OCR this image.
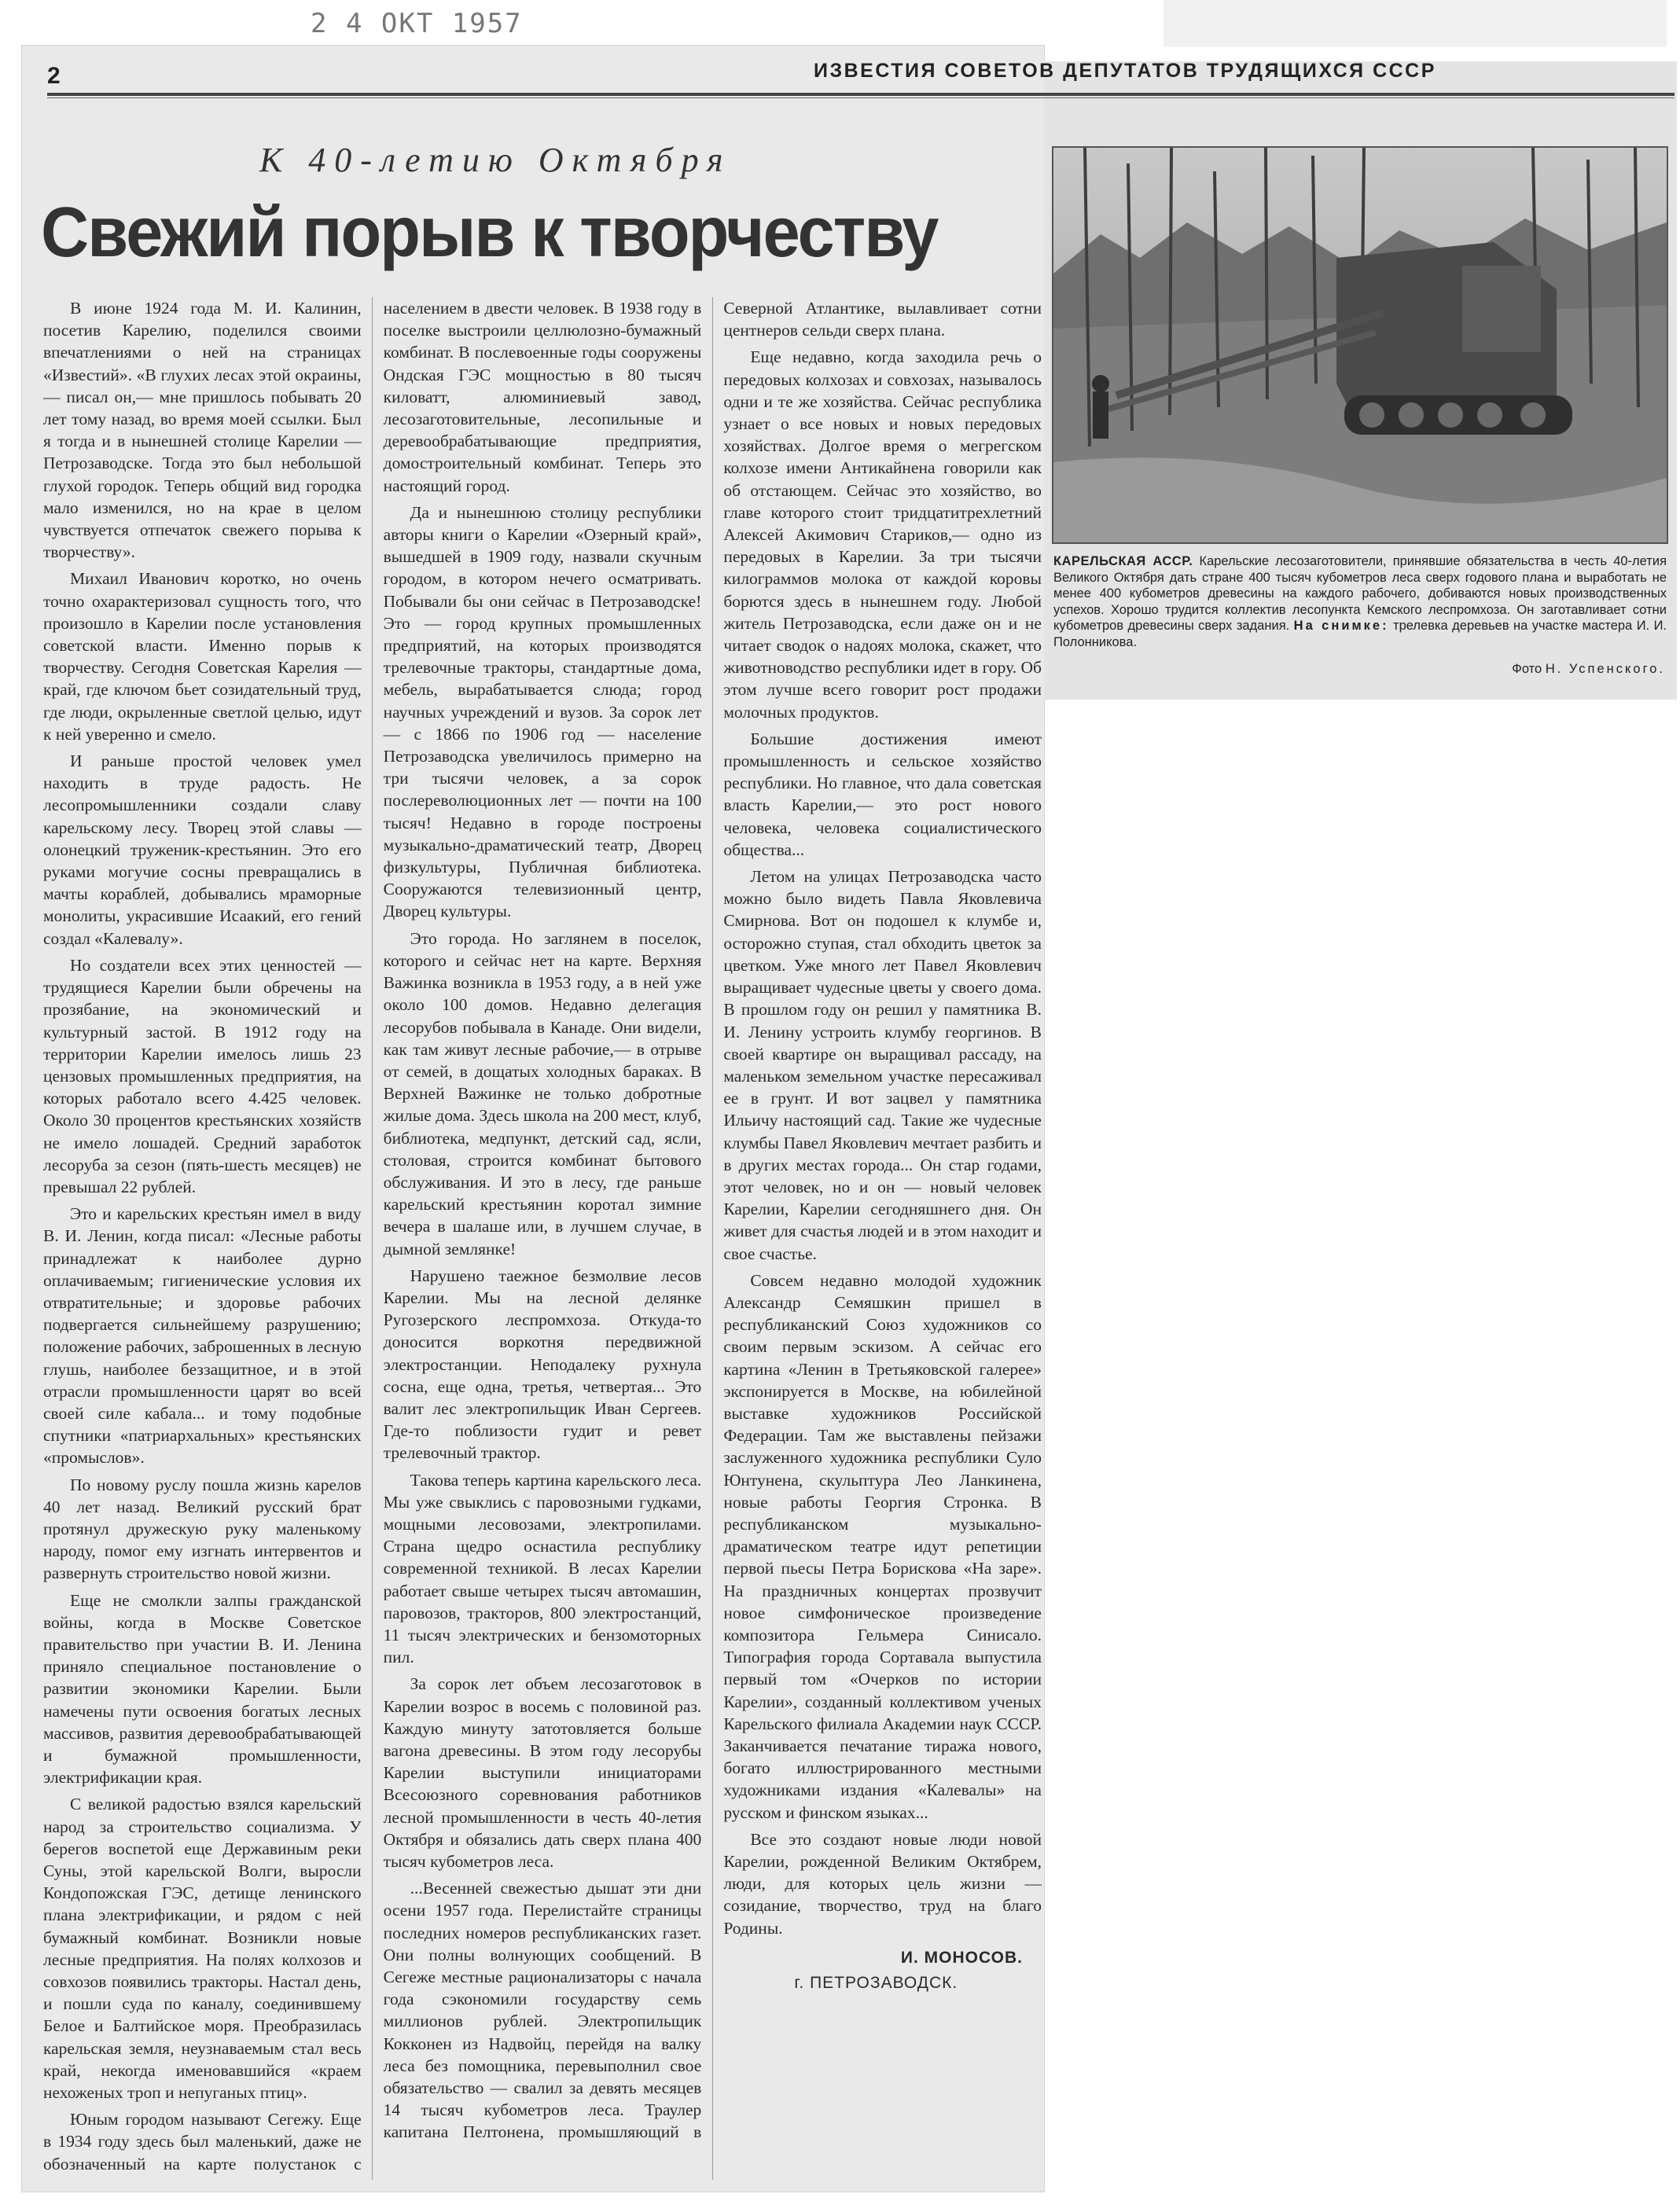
2 4 ОКТ 1957
2	ИЗВЕСТИЯ СОВЕТОВ ДЕПУТАТОВ ТРУДЯЩИХСЯ СССР
К 40-летию Октября
Свежий порыв к творчеству

В июне 1924 года М. И. Калинин, посетив Карелию, поделился своими впечатлениями о ней на страницах «Известий». «В глухих лесах этой окраины,— писал он,— мне пришлось побывать 20 лет тому назад, во время моей ссылки. Был я тогда и в нынешней столице Карелии — Петрозаводске. Тогда это был небольшой глухой городок. Теперь общий вид городка мало изменился, но на крае в целом чувствуется отпечаток свежего порыва к творчеству».

Михаил Иванович коротко, но очень точно охарактеризовал сущность того, что произошло в Карелии после установления советской власти. Именно порыв к творчеству. Сегодня Советская Карелия — край, где ключом бьет созидательный труд, где люди, окрыленные светлой целью, идут к ней уверенно и смело.

И раньше простой человек умел находить в труде радость. Не лесопромышленники создали славу карельскому лесу. Творец этой славы — олонецкий труженик-крестьянин. Это его руками могучие сосны превращались в мачты кораблей, добывались мраморные монолиты, украсившие Исаакий, его гений создал «Калевалу».

Но создатели всех этих ценностей — трудящиеся Карелии были обречены на прозябание, на экономический и культурный застой. В 1912 году на территории Карелии имелось лишь 23 цензовых промышленных предприятия, на которых работало всего 4.425 человек. Около 30 процентов крестьянских хозяйств не имело лошадей. Средний заработок лесоруба за сезон (пять-шесть месяцев) не превышал 22 рублей.

Это и карельских крестьян имел в виду В. И. Ленин, когда писал: «Лесные работы принадлежат к наиболее дурно оплачиваемым; гигиенические условия их отвратительные; и здоровье рабочих подвергается сильнейшему разрушению; положение рабочих, заброшенных в лесную глушь, наиболее беззащитное, и в этой отрасли промышленности царят во всей своей силе кабала... и тому подобные спутники «патриархальных» крестьянских «промыслов».

По новому руслу пошла жизнь карелов 40 лет назад. Великий русский брат протянул дружескую руку маленькому народу, помог ему изгнать интервентов и развернуть строительство новой жизни.

Еще не смолкли залпы гражданской войны, когда в Москве Советское правительство при участии В. И. Ленина приняло специальное постановление о развитии экономики Карелии. Были намечены пути освоения богатых лесных массивов, развития деревообрабатывающей и бумажной промышленности, электрификации края.

С великой радостью взялся карельский народ за строительство социализма. У берегов воспетой еще Державиным реки Суны, этой карельской Волги, выросли Кондопожская ГЭС, детище ленинского плана электрификации, и рядом с ней бумажный комбинат. Возникли новые лесные предприятия. На полях колхозов и совхозов появились тракторы. Настал день, и пошли суда по каналу, соединившему Белое и Балтийское моря. Преобразилась карельская земля, неузнаваемым стал весь край, некогда именовавшийся «краем нехоженых троп и непуганых птиц».

Юным городом называют Сегежу. Еще в 1934 году здесь был маленький, даже не обозначенный на карте полустанок с населением в двести человек. В 1938 году в поселке выстроили целлюлозно-бумажный комбинат. В послевоенные годы сооружены Ондская ГЭС мощностью в 80 тысяч киловатт, алюминиевый завод, лесозаготовительные, лесопильные и деревообрабатывающие предприятия, домостроительный комбинат. Теперь это настоящий город.

Да и нынешнюю столицу республики авторы книги о Карелии «Озерный край», вышедшей в 1909 году, назвали скучным городом, в котором нечего осматривать. Побывали бы они сейчас в Петрозаводске! Это — город крупных промышленных предприятий, на которых производятся трелевочные тракторы, стандартные дома, мебель, вырабатывается слюда; город научных учреждений и вузов. За сорок лет — с 1866 по 1906 год — население Петрозаводска увеличилось примерно на три тысячи человек, а за сорок послереволюционных лет — почти на 100 тысяч! Недавно в городе построены музыкально-драматический театр, Дворец физкультуры, Публичная библиотека. Сооружаются телевизионный центр, Дворец культуры.

Это города. Но заглянем в поселок, которого и сейчас нет на карте. Верхняя Важинка возникла в 1953 году, а в ней уже около 100 домов. Недавно делегация лесорубов побывала в Канаде. Они видели, как там живут лесные рабочие,— в отрыве от семей, в дощатых холодных бараках. В Верхней Важинке не только добротные жилые дома. Здесь школа на 200 мест, клуб, библиотека, медпункт, детский сад, ясли, столовая, строится комбинат бытового обслуживания. И это в лесу, где раньше карельский крестьянин коротал зимние вечера в шалаше или, в лучшем случае, в дымной землянке!

Нарушено таежное безмолвие лесов Карелии. Мы на лесной делянке Ругозерского леспромхоза. Откуда-то доносится воркотня передвижной электростанции. Неподалеку рухнула сосна, еще одна, третья, четвертая... Это валит лес электропильщик Иван Сергеев. Где-то поблизости гудит и ревет трелевочный трактор.

Такова теперь картина карельского леса. Мы уже свыклись с паровозными гудками, мощными лесовозами, электропилами. Страна щедро оснастила республику современной техникой. В лесах Карелии работает свыше четырех тысяч автомашин, паровозов, тракторов, 800 электростанций, 11 тысяч электрических и бензомоторных пил.

За сорок лет объем лесозаготовок в Карелии возрос в восемь с половиной раз. Каждую минуту затотовляется больше вагона древесины. В этом году лесорубы Карелии выступили инициаторами Всесоюзного соревнования работников лесной промышленности в честь 40-летия Октября и обязались дать сверх плана 400 тысяч кубометров леса.

...Весенней свежестью дышат эти дни осени 1957 года. Перелистайте страницы последних номеров республиканских газет. Они полны волнующих сообщений. В Сегеже местные рационализаторы с начала года сэкономили государству семь миллионов рублей. Электропильщик Кокконен из Надвойц, перейдя на валку леса без помощника, перевыполнил свое обязательство — свалил за девять месяцев 14 тысяч кубометров леса. Траулер капитана Пелтонена, промышляющий в Северной Атлантике, вылавливает сотни центнеров сельди сверх плана.

Еще недавно, когда заходила речь о передовых колхозах и совхозах, называлось одни и те же хозяйства. Сейчас республика узнает о все новых и новых передовых хозяйствах. Долгое время о мегрегском колхозе имени Антикайнена говорили как об отстающем. Сейчас это хозяйство, во главе которого стоит тридцатитрехлетний Алексей Акимович Стариков,— одно из передовых в Карелии. За три тысячи килограммов молока от каждой коровы борются здесь в нынешнем году. Любой житель Петрозаводска, если даже он и не читает сводок о надоях молока, скажет, что животноводство республики идет в гору. Об этом лучше всего говорит рост продажи молочных продуктов.

Большие достижения имеют промышленность и сельское хозяйство республики. Но главное, что дала советская власть Карелии,— это рост нового человека, человека социалистического общества...

Летом на улицах Петрозаводска часто можно было видеть Павла Яковлевича Смирнова. Вот он подошел к клумбе и, осторожно ступая, стал обходить цветок за цветком. Уже много лет Павел Яковлевич выращивает чудесные цветы у своего дома. В прошлом году он решил у памятника В. И. Ленину устроить клумбу георгинов. В своей квартире он выращивал рассаду, на маленьком земельном участке пересаживал ее в грунт. И вот зацвел у памятника Ильичу настоящий сад. Такие же чудесные клумбы Павел Яковлевич мечтает разбить и в других местах города... Он стар годами, этот человек, но и он — новый человек Карелии, Карелии сегодняшнего дня. Он живет для счастья людей и в этом находит и свое счастье.

Совсем недавно молодой художник Александр Семяшкин пришел в республиканский Союз художников со своим первым эскизом. А сейчас его картина «Ленин в Третьяковской галерее» экспонируется в Москве, на юбилейной выставке художников Российской Федерации. Там же выставлены пейзажи заслуженного художника республики Суло Юнтунена, скульптура Лео Ланкинена, новые работы Георгия Стронка. В республиканском музыкально-драматическом театре идут репетиции первой пьесы Петра Борискова «На заре». На праздничных концертах прозвучит новое симфоническое произведение композитора Гельмера Синисало. Типография города Сортавала выпустила первый том «Очерков по истории Карелии», созданный коллективом ученых Карельского филиала Академии наук СССР. Заканчивается печатание тиража нового, богато иллюстрированного местными художниками издания «Калевалы» на русском и финском языках...

Все это создают новые люди новой Карелии, рожденной Великим Октябрем, люди, для которых цель жизни — созидание, творчество, труд на благо Родины.

И. МОНОСОВ.
г. ПЕТРОЗАВОДСК.
КАРЕЛЬСКАЯ АССР. Карельские лесозаготовители, принявшие обязательства в честь 40-летия Великого Октября дать стране 400 тысяч кубометров леса сверх годового плана и выработать не менее 400 кубометров древесины на каждого рабочего, добиваются новых производственных успехов. Хорошо трудится коллектив лесопункта Кемского леспромхоза. Он заготавливает сотни кубометров древесины сверх задания. На снимке: трелевка деревьев на участке мастера И. И. Полонникова.
Фото Н. Успенского.
